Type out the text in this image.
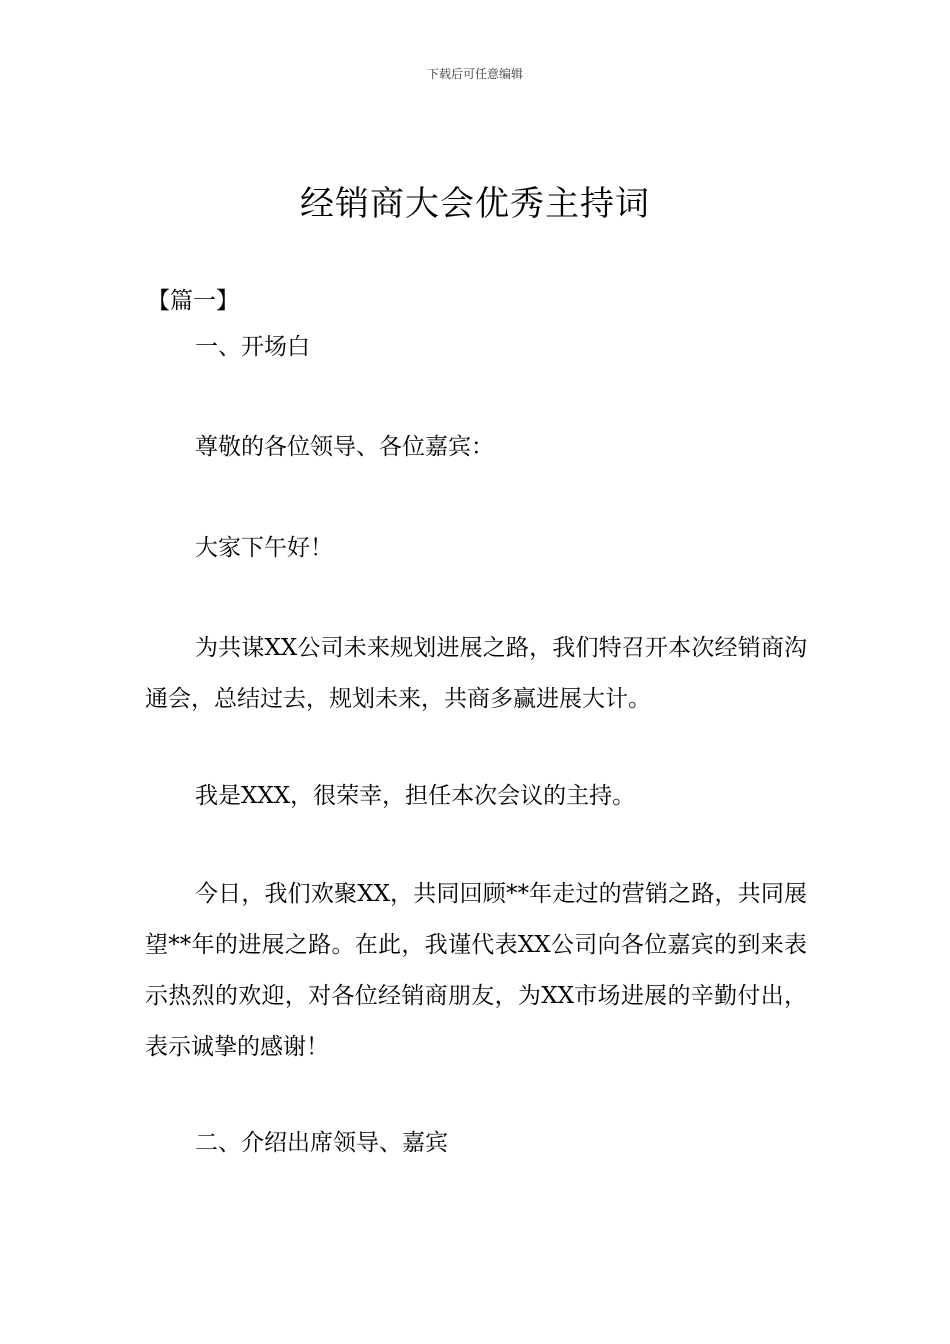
下载后可任意编辑
经销商大会优秀主持词
【篇一】

一、开场白

尊敬的各位领导、各位嘉宾：

大家下午好！

为共谋XX公司未来规划进展之路，我们特召开本次经销商沟通会，总结过去，规划未来，共商多赢进展大计。

我是XXX，很荣幸，担任本次会议的主持。

今日，我们欢聚XX，共同回顾**年走过的营销之路，共同展望**年的进展之路。在此，我谨代表XX公司向各位嘉宾的到来表示热烈的欢迎，对各位经销商朋友，为XX市场进展的辛勤付出，表示诚挚的感谢！

二、介绍出席领导、嘉宾
